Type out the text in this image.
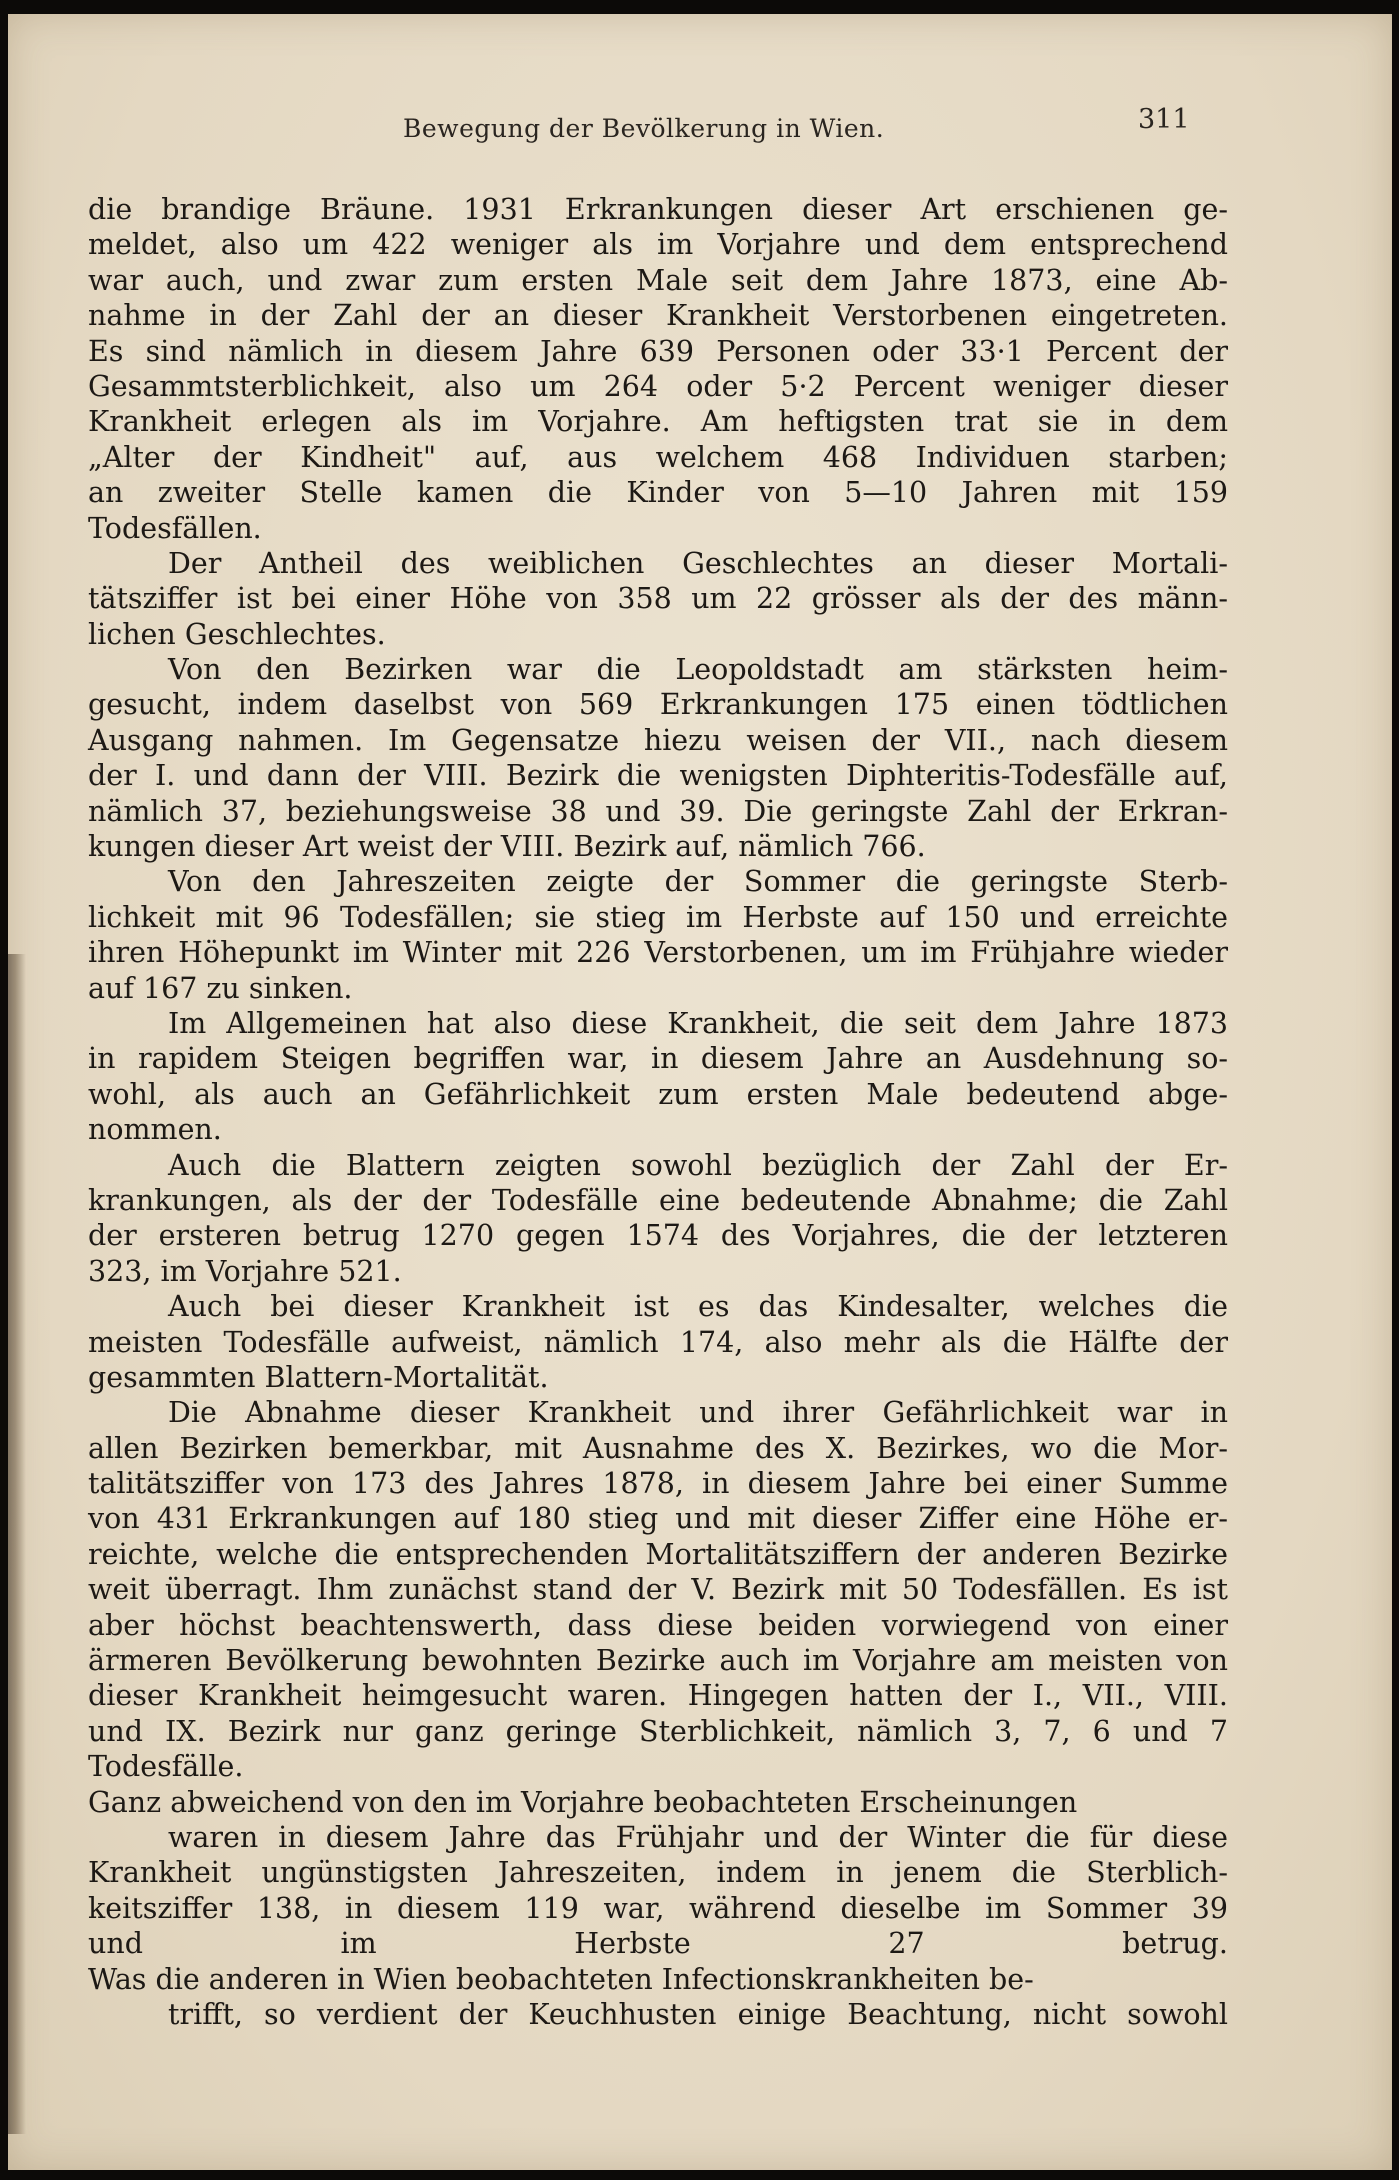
Bewegung der Bevölkerung in Wien.	311
die brandige Bräune. 1931 Erkrankungen dieser Art erschienen ge-
meldet, also um 422 weniger als im Vorjahre und dem entsprechend
war auch, und zwar zum ersten Male seit dem Jahre 1873, eine Ab-
nahme in der Zahl der an dieser Krankheit Verstorbenen eingetreten.
Es sind nämlich in diesem Jahre 639 Personen oder 33·1 Percent der
Gesammtsterblichkeit, also um 264 oder 5·2 Percent weniger dieser
Krankheit erlegen als im Vorjahre. Am heftigsten trat sie in dem
„Alter der Kindheit" auf, aus welchem 468 Individuen starben;
an zweiter Stelle kamen die Kinder von 5—10 Jahren mit 159
Todesfällen.
Der Antheil des weiblichen Geschlechtes an dieser Mortali-
tätsziffer ist bei einer Höhe von 358 um 22 grösser als der des männ-
lichen Geschlechtes.
Von den Bezirken war die Leopoldstadt am stärksten heim-
gesucht, indem daselbst von 569 Erkrankungen 175 einen tödtlichen
Ausgang nahmen. Im Gegensatze hiezu weisen der VII., nach diesem
der I. und dann der VIII. Bezirk die wenigsten Diphteritis-Todesfälle auf,
nämlich 37, beziehungsweise 38 und 39. Die geringste Zahl der Erkran-
kungen dieser Art weist der VIII. Bezirk auf, nämlich 766.
Von den Jahreszeiten zeigte der Sommer die geringste Sterb-
lichkeit mit 96 Todesfällen; sie stieg im Herbste auf 150 und erreichte
ihren Höhepunkt im Winter mit 226 Verstorbenen, um im Frühjahre wieder
auf 167 zu sinken.
Im Allgemeinen hat also diese Krankheit, die seit dem Jahre 1873
in rapidem Steigen begriffen war, in diesem Jahre an Ausdehnung so-
wohl, als auch an Gefährlichkeit zum ersten Male bedeutend abge-
nommen.
Auch die Blattern zeigten sowohl bezüglich der Zahl der Er-
krankungen, als der der Todesfälle eine bedeutende Abnahme; die Zahl
der ersteren betrug 1270 gegen 1574 des Vorjahres, die der letzteren
323, im Vorjahre 521.
Auch bei dieser Krankheit ist es das Kindesalter, welches die
meisten Todesfälle aufweist, nämlich 174, also mehr als die Hälfte der
gesammten Blattern-Mortalität.
Die Abnahme dieser Krankheit und ihrer Gefährlichkeit war in
allen Bezirken bemerkbar, mit Ausnahme des X. Bezirkes, wo die Mor-
talitätsziffer von 173 des Jahres 1878, in diesem Jahre bei einer Summe
von 431 Erkrankungen auf 180 stieg und mit dieser Ziffer eine Höhe er-
reichte, welche die entsprechenden Mortalitätsziffern der anderen Bezirke
weit überragt. Ihm zunächst stand der V. Bezirk mit 50 Todesfällen. Es ist
aber höchst beachtenswerth, dass diese beiden vorwiegend von einer
ärmeren Bevölkerung bewohnten Bezirke auch im Vorjahre am meisten von
dieser Krankheit heimgesucht waren. Hingegen hatten der I., VII., VIII.
und IX. Bezirk nur ganz geringe Sterblichkeit, nämlich 3, 7, 6 und 7
Todesfälle.
Ganz abweichend von den im Vorjahre beobachteten Erscheinungen
waren in diesem Jahre das Frühjahr und der Winter die für diese
Krankheit ungünstigsten Jahreszeiten, indem in jenem die Sterblich-
keitsziffer 138, in diesem 119 war, während dieselbe im Sommer 39
und im Herbste 27 betrug.
Was die anderen in Wien beobachteten Infectionskrankheiten be-
trifft, so verdient der Keuchhusten einige Beachtung, nicht sowohl
